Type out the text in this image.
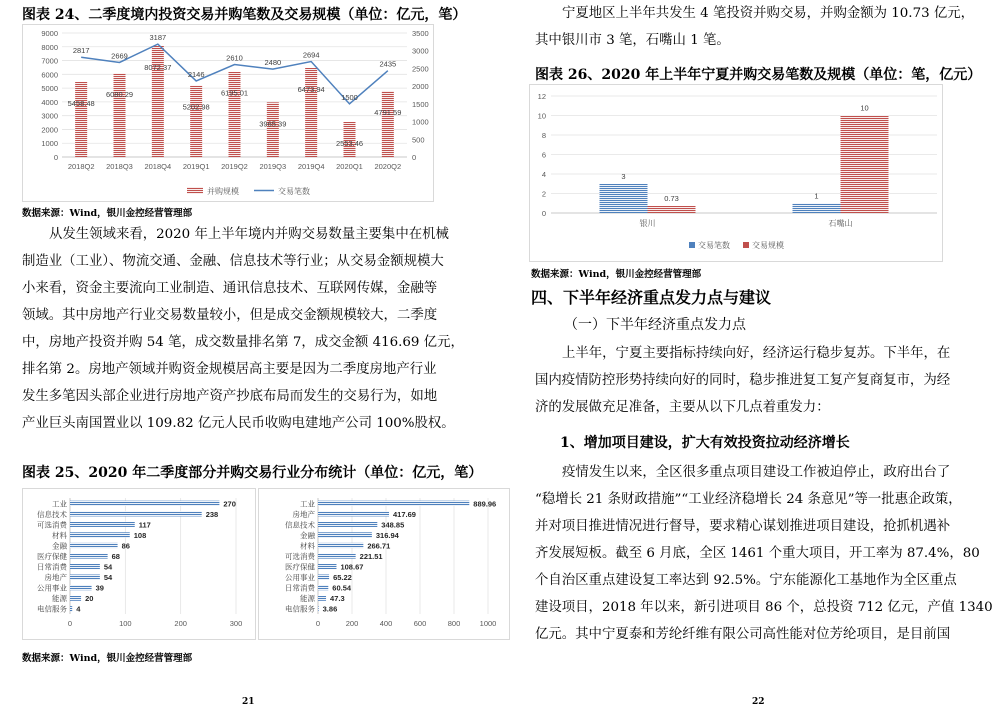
图表 24、二季度境内投资交易并购笔数及交易规模（单位：亿元，笔）
0
1000
2000
3000
4000
5000
6000
7000
8000
9000
0
500
1000
1500
2000
2500
3000
3500
5458.48
6080.29
8072.37
5202.98
6195.01
3965.39
6473.94
2553.46
4791.59
2817
2669
3187
2146
2610
2480
2694
1500
2435
2018Q2 2018Q3 2018Q4 2019Q1 2019Q2 2019Q3 2019Q4 2020Q1 2020Q2
并购规模	交易笔数
数据来源：Wind，银川金控经营管理部
从发生领域来看，2020 年上半年境内并购交易数量主要集中在机械
制造业（工业）、物流交通、金融、信息技术等行业；从交易金额规模大
小来看，资金主要流向工业制造、通讯信息技术、互联网传媒，金融等
领域。其中房地产行业交易数量较小，但是成交金额规模较大，二季度
中，房地产投资并购 54 笔，成交数量排名第 7，成交金额 416.69 亿元，
排名第 2。房地产领域并购资金规模居高主要是因为二季度房地产行业
发生多笔因头部企业进行房地产资产抄底布局而发生的交易行为，如地
产业巨头南国置业以 109.82 亿元人民币收购电建地产公司 100%股权。
图表 25、2020 年二季度部分并购交易行业分布统计（单位：亿元，笔）
0	100	200	300
工业	270
信息技术	238
可选消费	117
材料	108
金融	86
医疗保健	68
日常消费	54
房地产	54
公用事业	39
能源 20
电信服务 4
0	200	400	600	800	1000
工业	889.96
房地产	417.69
信息技术	348.85
金融	316.94
材料	266.71
可选消费	221.51
医疗保健	108.67
公用事业 65.22
日常消费 60.54
能源 47.3
电信服务 3.86
数据来源：Wind，银川金控经营管理部
21
宁夏地区上半年共发生 4 笔投资并购交易，并购金额为 10.73 亿元，
其中银川市 3 笔，石嘴山 1 笔。
图表 26、2020 年上半年宁夏并购交易笔数及规模（单位：笔，亿元）
0
2
4
6
8
10
12
3
0.73	1
10
银川	石嘴山
交易笔数	交易规模
数据来源：Wind，银川金控经营管理部
四、下半年经济重点发力点与建议
（一）下半年经济重点发力点
上半年，宁夏主要指标持续向好，经济运行稳步复苏。下半年，在
国内疫情防控形势持续向好的同时，稳步推进复工复产复商复市，为经
济的发展做充足准备，主要从以下几点着重发力：
1、增加项目建设，扩大有效投资拉动经济增长
疫情发生以来，全区很多重点项目建设工作被迫停止，政府出台了
“稳增长 21 条财政措施”“工业经济稳增长 24 条意见”等一批惠企政策，
并对项目推进情况进行督导，要求精心谋划推进项目建设，抢抓机遇补
齐发展短板。截至 6 月底，全区 1461 个重大项目，开工率为 87.4%，80
个自治区重点建设复工率达到 92.5%。宁东能源化工基地作为全区重点
建设项目，2018 年以来，新引进项目 86 个，总投资 712 亿元，产值 1340
亿元。其中宁夏泰和芳纶纤维有限公司高性能对位芳纶项目，是目前国
22
